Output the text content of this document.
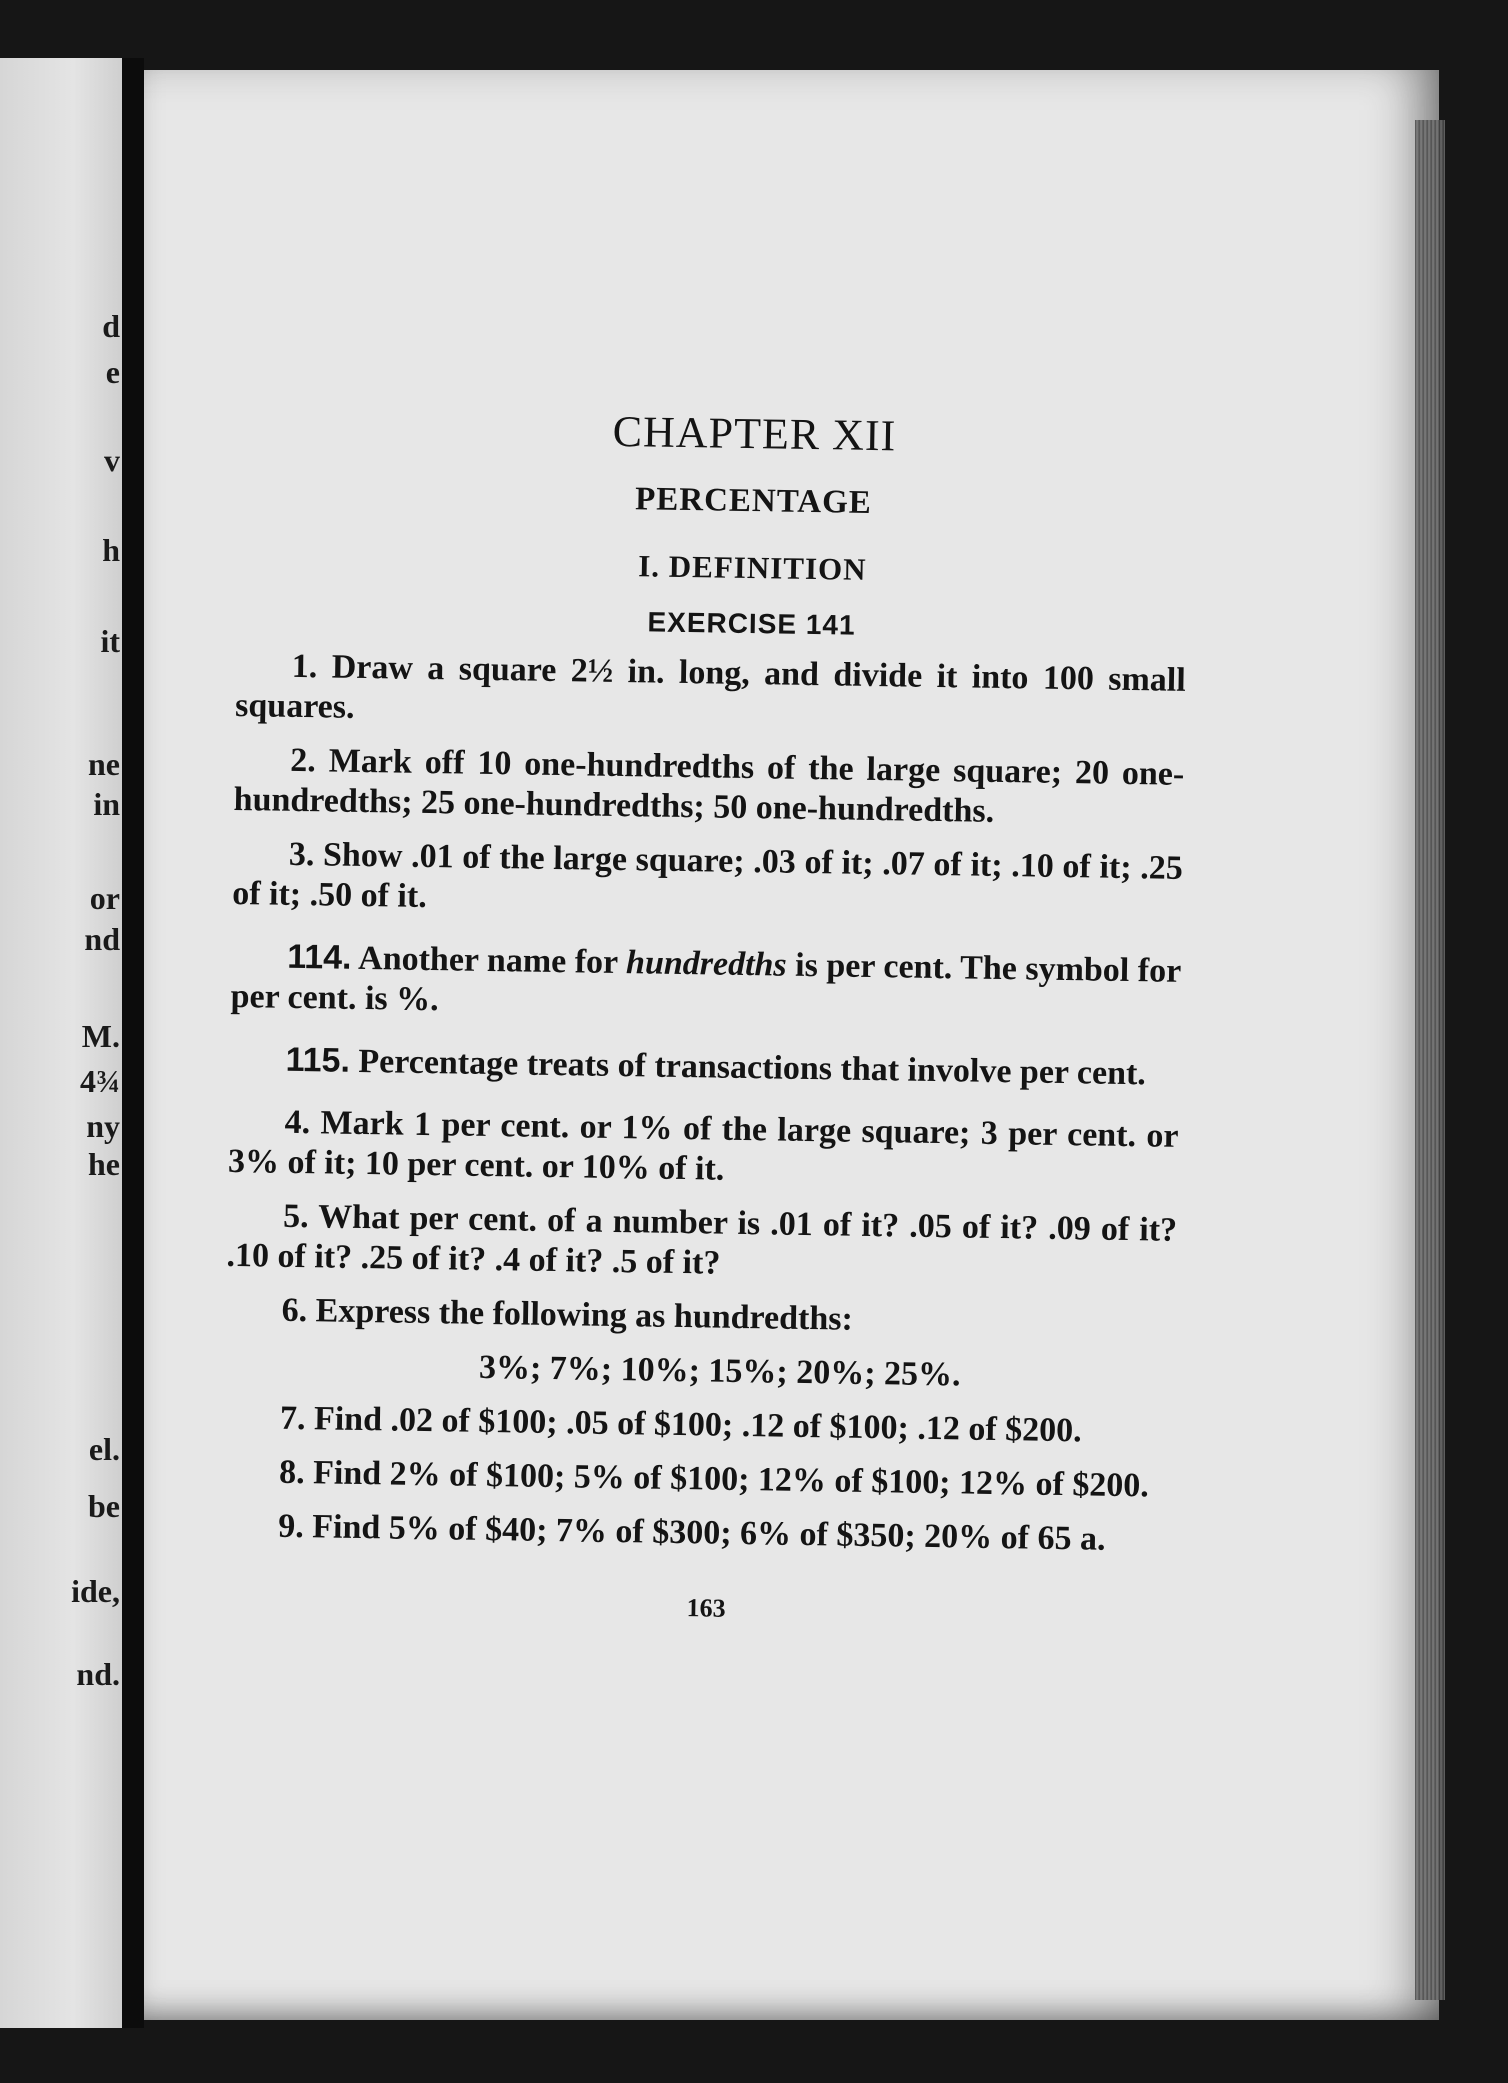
d
e
v
h
it
ne
in
or
nd
M.
4¾
ny
he
el.
be
ide,
nd.
CHAPTER XII
PERCENTAGE
I. DEFINITION
EXERCISE 141

1. Draw a square 2½ in. long, and divide it into 100 small squares.

2. Mark off 10 one-hundredths of the large square; 20 one-hundredths; 25 one-hundredths; 50 one-hundredths.

3. Show .01 of the large square; .03 of it; .07 of it; .10 of it; .25 of it; .50 of it.

114. Another name for hundredths is per cent. The symbol for per cent. is %.

115. Percentage treats of transactions that involve per cent.

4. Mark 1 per cent. or 1% of the large square; 3 per cent. or 3% of it; 10 per cent. or 10% of it.

5. What per cent. of a number is .01 of it? .05 of it? .09 of it? .10 of it? .25 of it? .4 of it? .5 of it?

6. Express the following as hundredths:

3%; 7%; 10%; 15%; 20%; 25%.

7. Find .02 of $100; .05 of $100; .12 of $100; .12 of $200.

8. Find 2% of $100; 5% of $100; 12% of $100; 12% of $200.

9. Find 5% of $40; 7% of $300; 6% of $350; 20% of 65 a.

163
